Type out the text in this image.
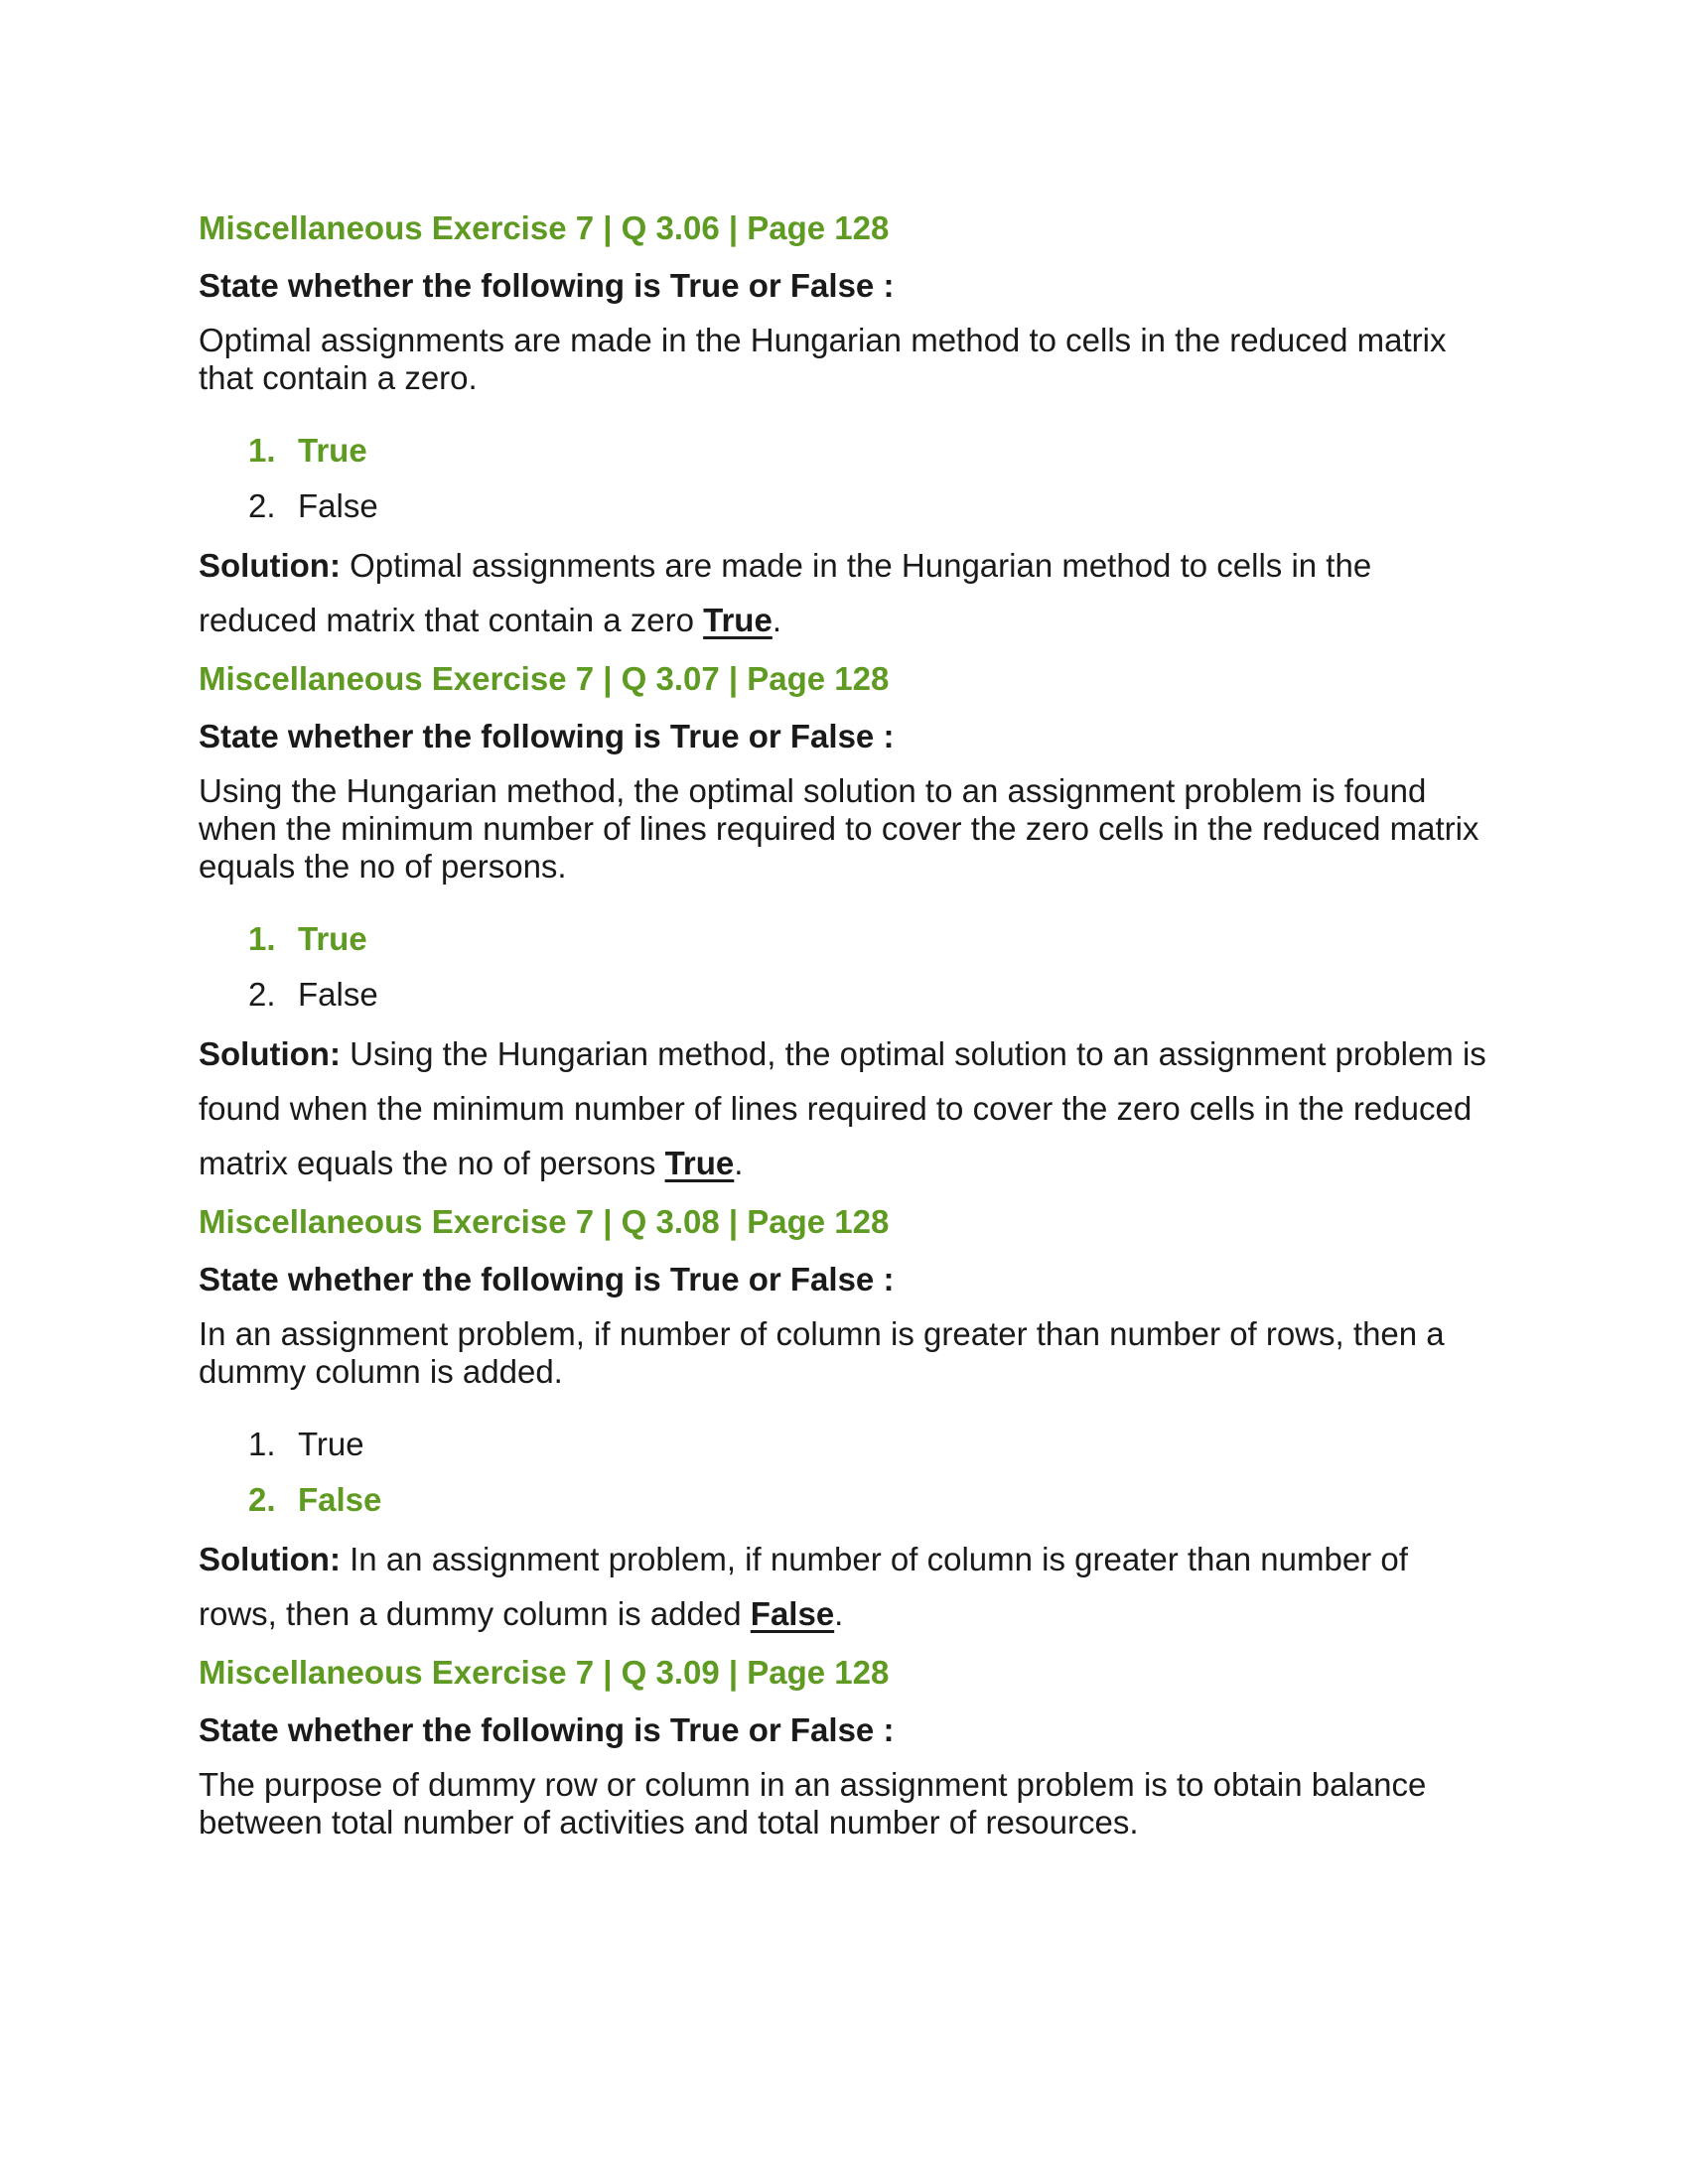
Miscellaneous Exercise 7 | Q 3.06 | Page 128
State whether the following is True or False :
Optimal assignments are made in the Hungarian method to cells in the reduced matrix that contain a zero.
1. True
2. False
Solution: Optimal assignments are made in the Hungarian method to cells in the reduced matrix that contain a zero True.
Miscellaneous Exercise 7 | Q 3.07 | Page 128
State whether the following is True or False :
Using the Hungarian method, the optimal solution to an assignment problem is found when the minimum number of lines required to cover the zero cells in the reduced matrix equals the no of persons.
1. True
2. False
Solution: Using the Hungarian method, the optimal solution to an assignment problem is found when the minimum number of lines required to cover the zero cells in the reduced matrix equals the no of persons True.
Miscellaneous Exercise 7 | Q 3.08 | Page 128
State whether the following is True or False :
In an assignment problem, if number of column is greater than number of rows, then a dummy column is added.
1. True
2. False
Solution: In an assignment problem, if number of column is greater than number of rows, then a dummy column is added False.
Miscellaneous Exercise 7 | Q 3.09 | Page 128
State whether the following is True or False :
The purpose of dummy row or column in an assignment problem is to obtain balance between total number of activities and total number of resources.
